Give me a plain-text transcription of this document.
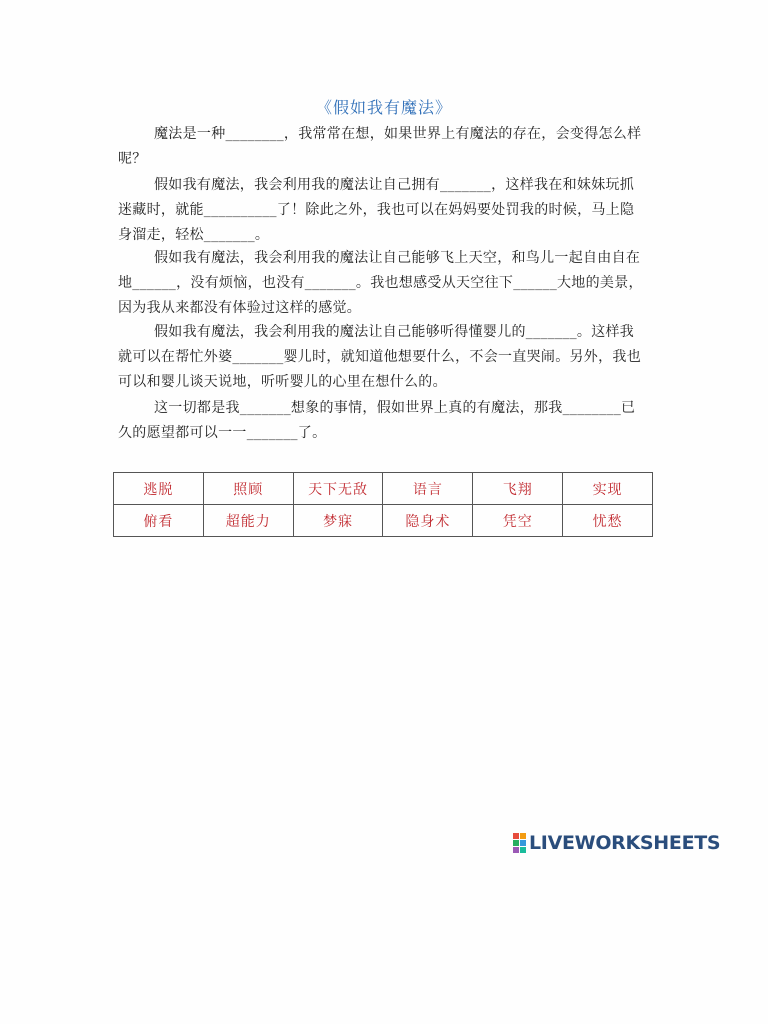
《假如我有魔法》
魔法是一种________，我常常在想，如果世界上有魔法的存在，会变得怎么样呢？
假如我有魔法，我会利用我的魔法让自己拥有_______，这样我在和妹妹玩抓迷藏时，就能__________了！除此之外，我也可以在妈妈要处罚我的时候，马上隐身溜走，轻松_______。
假如我有魔法，我会利用我的魔法让自己能够飞上天空，和鸟儿一起自由自在地______，没有烦恼，也没有_______。我也想感受从天空往下______大地的美景，因为我从来都没有体验过这样的感觉。
假如我有魔法，我会利用我的魔法让自己能够听得懂婴儿的_______。这样我就可以在帮忙外婆_______婴儿时，就知道他想要什么，不会一直哭闹。另外，我也可以和婴儿谈天说地，听听婴儿的心里在想什么的。
这一切都是我_______想象的事情，假如世界上真的有魔法，那我________已久的愿望都可以一一_______了。
逃脱	照顾	天下无敌	语言	飞翔	实现
俯看	超能力	梦寐	隐身术	凭空	忧愁
LIVEWORKSHEETS
